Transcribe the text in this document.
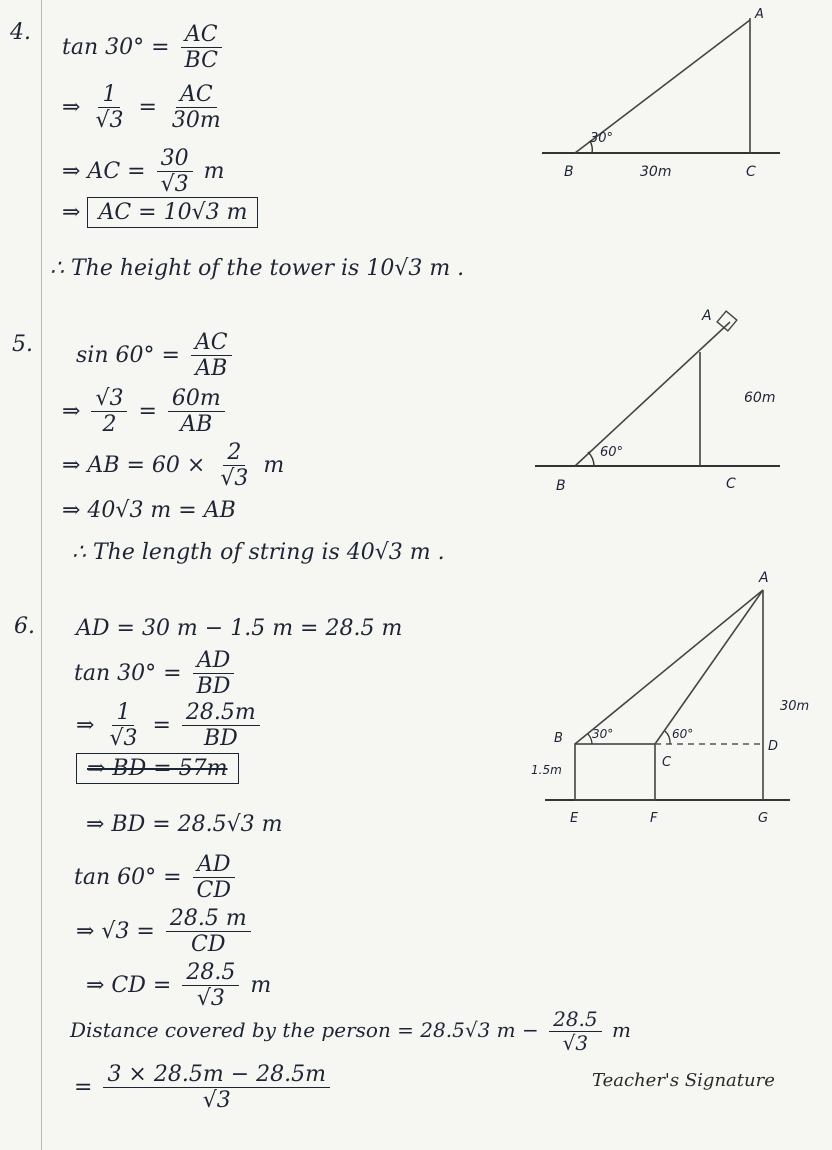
4.
$\tan 30^\circ = \frac{AC}{BC}$
⇒ $\frac{1}{√3} = \frac{AC}{30m}$
⇒ AC = $\frac{30}{√3}$ m
⇒ AC = 10√3 m
∴ The height of the tower is 10√3 m .
A
B	C
30°
30m
5. $\sin 60^\circ = \frac{AC}{AB}$
⇒ $\frac{√3}{2} = \frac{60m}{AB}$
⇒ AB = $60 \times \frac{2}{√3}$ m
⇒ 40√3 m = AB
∴ The length of string is 40√3 m .
A
B	C
60°
60m
6. AD = 30 m − 1.5 m = 28.5 m
$\tan 30^\circ = \frac{AD}{BD}$
⇒ $\frac{1}{√3} = \frac{28.5m}{BD}$
⇒ BD = 57m
⇒ BD = 28.5√3 m
$\tan 60^\circ = \frac{AD}{CD}$
⇒ $√3 = \frac{28.5 m}{CD}$
⇒ CD = $\frac{28.5}{√3}$ m
Distance covered by the person = 28.5√3 $m - \frac{28.5}{√3}$ m
= $\frac{3 \times 28.5m - 28.5m}{√3}$
A
B
C
D
E	F	G
30°	60°
30m
1.5m
Teacher's Signature
